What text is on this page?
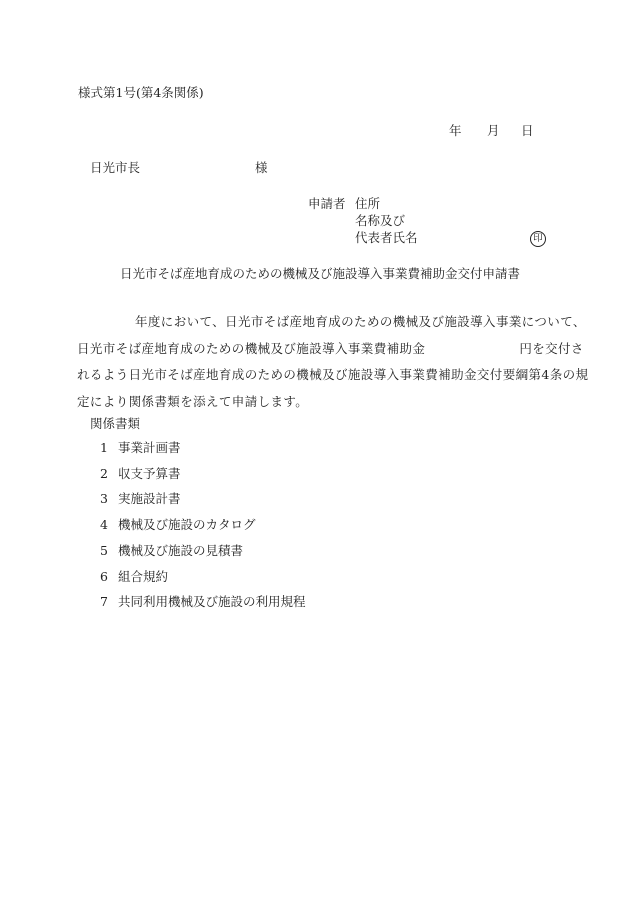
様式第1号(第4条関係)
年 月 日
日光市長	様
申請者 住所
名称及び
代表者氏名	印
日光市そば産地育成のための機械及び施設導入事業費補助金交付申請書
年度において、日光市そば産地育成のための機械及び施設導入事業について、
日光市そば産地育成のための機械及び施設導入事業費補助金	円を交付さ
れるよう日光市そば産地育成のための機械及び施設導入事業費補助金交付要綱第4条の規
定により関係書類を添えて申請します。
関係書類
1 事業計画書
2 収支予算書
3 実施設計書
4 機械及び施設のカタログ
5 機械及び施設の見積書
6 組合規約
7 共同利用機械及び施設の利用規程
